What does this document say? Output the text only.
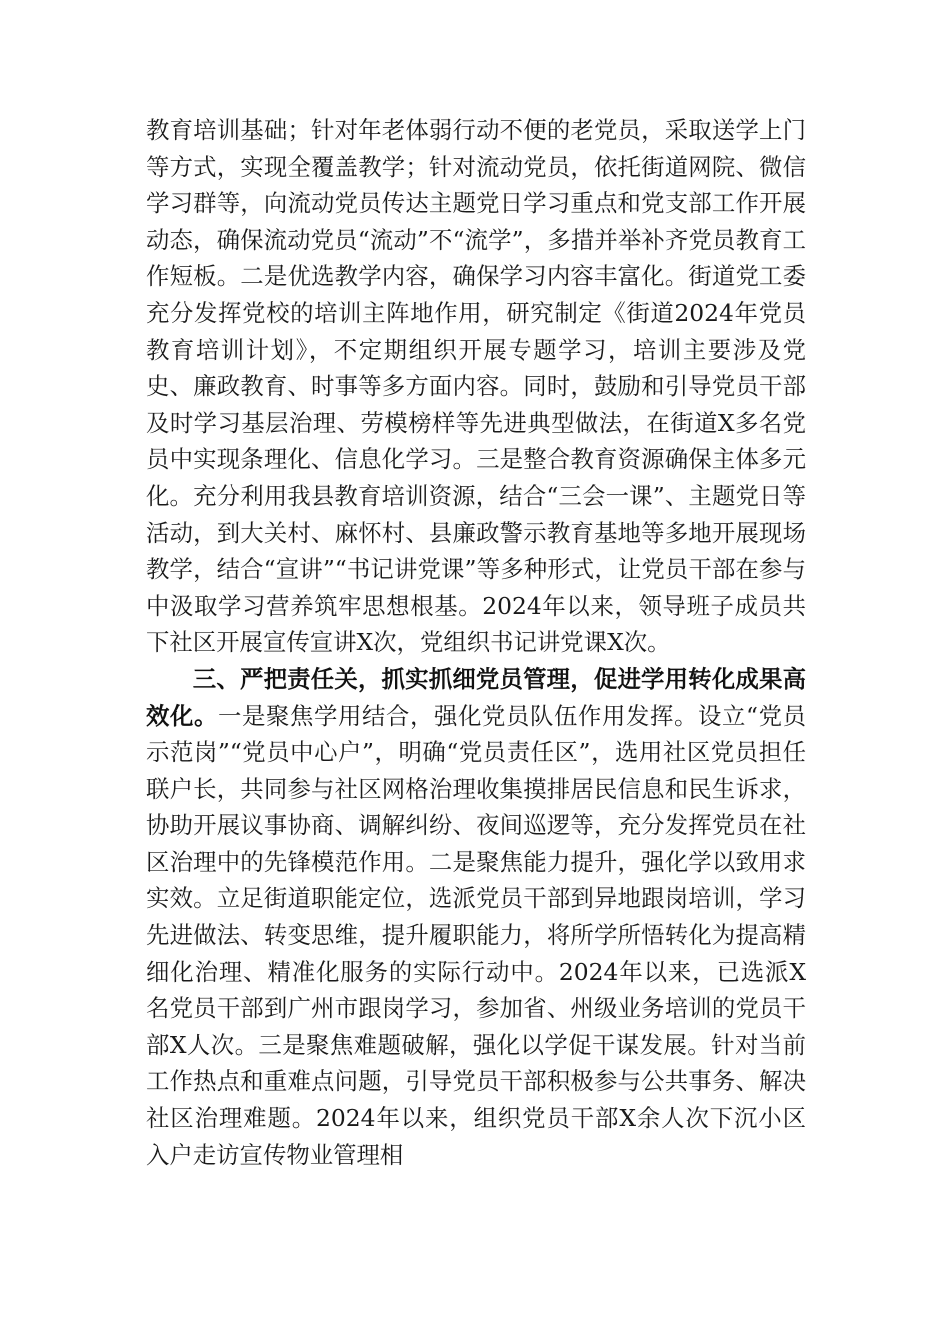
教育培训基础；针对年老体弱行动不便的老党员，采取送学上门等方式，实现全覆盖教学；针对流动党员，依托街道网院、微信学习群等，向流动党员传达主题党日学习重点和党支部工作开展动态，确保流动党员“流动”不“流学”，多措并举补齐党员教育工作短板。二是优选教学内容，确保学习内容丰富化。街道党工委充分发挥党校的培训主阵地作用，研究制定《街道2024年党员教育培训计划》，不定期组织开展专题学习，培训主要涉及党史、廉政教育、时事等多方面内容。同时，鼓励和引导党员干部及时学习基层治理、劳模榜样等先进典型做法，在街道X多名党员中实现条理化、信息化学习。三是整合教育资源确保主体多元化。充分利用我县教育培训资源，结合“三会一课”、主题党日等活动，到大关村、麻怀村、县廉政警示教育基地等多地开展现场教学，结合“宣讲”“书记讲党课”等多种形式，让党员干部在参与中汲取学习营养筑牢思想根基。2024年以来，领导班子成员共下社区开展宣传宣讲X次，党组织书记讲党课X次。

三、严把责任关，抓实抓细党员管理，促进学用转化成果高效化。一是聚焦学用结合，强化党员队伍作用发挥。设立“党员示范岗”“党员中心户”，明确“党员责任区”，选用社区党员担任联户长，共同参与社区网格治理收集摸排居民信息和民生诉求，协助开展议事协商、调解纠纷、夜间巡逻等，充分发挥党员在社区治理中的先锋模范作用。二是聚焦能力提升，强化学以致用求实效。立足街道职能定位，选派党员干部到异地跟岗培训，学习先进做法、转变思维，提升履职能力，将所学所悟转化为提高精细化治理、精准化服务的实际行动中。2024年以来，已选派X名党员干部到广州市跟岗学习，参加省、州级业务培训的党员干部X人次。三是聚焦难题破解，强化以学促干谋发展。针对当前工作热点和重难点问题，引导党员干部积极参与公共事务、解决社区治理难题。2024年以来，组织党员干部X余人次下沉小区入户走访宣传物业管理相
